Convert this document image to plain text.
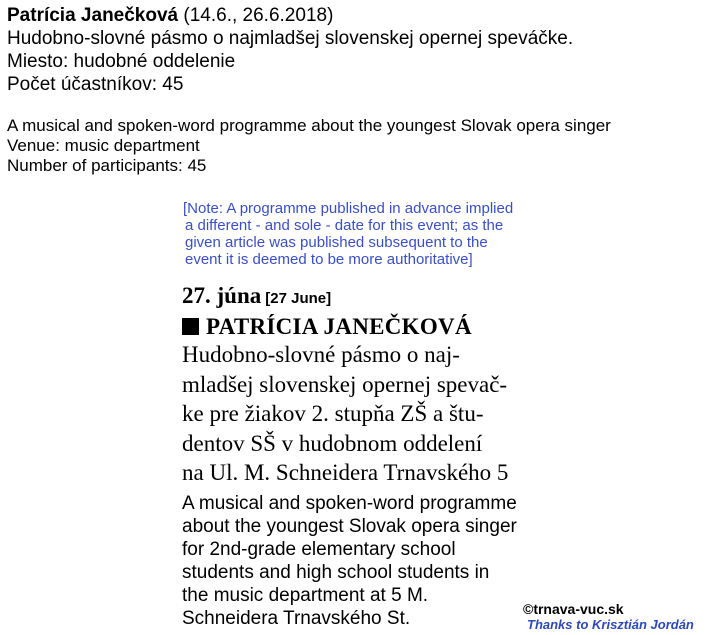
Patrícia Janečková (14.6., 26.6.2018)
Hudobno-slovné pásmo o najmladšej slovenskej opernej speváčke.
Miesto: hudobné oddelenie
Počet účastníkov: 45
A musical and spoken-word programme about the youngest Slovak opera singer
Venue: music department
Number of participants: 45
[Note: A programme published in advance implied
a different - and sole - date for this event; as the
given article was published subsequent to the
event it is deemed to be more authoritative]
27. júna [27 June]
PATRÍCIA JANEČKOVÁ
Hudobno-slovné pásmo o naj-
mladšej slovenskej opernej spevač-
ke pre žiakov 2. stupňa ZŠ a štu-
dentov SŠ v hudobnom oddelení
na Ul. M. Schneidera Trnavského 5
A musical and spoken-word programme
about the youngest Slovak opera singer
for 2nd-grade elementary school
students and high school students in
the music department at 5 M.
Schneidera Trnavského St.	©trnava-vuc.sk
Thanks to Krisztián Jordán
